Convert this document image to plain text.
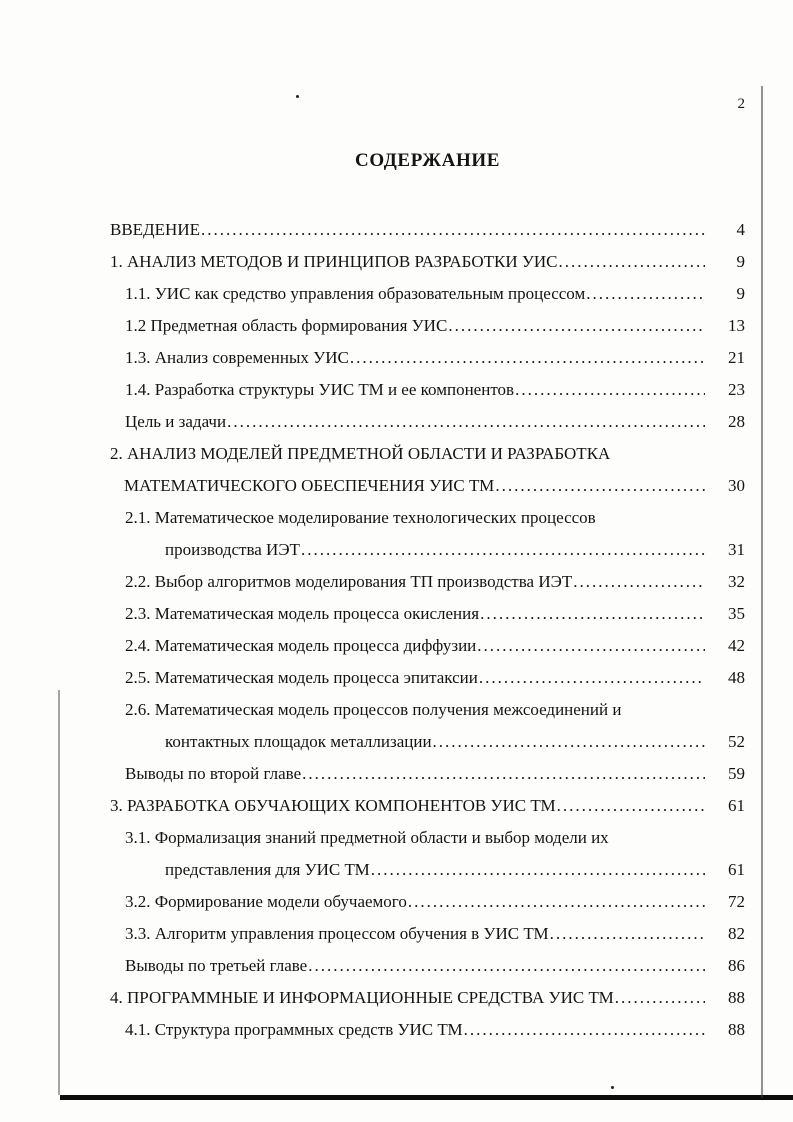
2
СОДЕРЖАНИЕ
ВВЕДЕНИЕ .....	4
1. АНАЛИЗ МЕТОДОВ И ПРИНЦИПОВ РАЗРАБОТКИ УИС .....	9
1.1. УИС как средство управления образовательным процессом .....	9
1.2 Предметная область формирования УИС .....	13
1.3. Анализ современных УИС .....	21
1.4. Разработка структуры УИС ТМ и ее компонентов .....	23
Цель и задачи .....	28
2. АНАЛИЗ МОДЕЛЕЙ ПРЕДМЕТНОЙ ОБЛАСТИ И РАЗРАБОТКА
МАТЕМАТИЧЕСКОГО ОБЕСПЕЧЕНИЯ УИС ТМ .....	30
2.1. Математическое моделирование технологических процессов
производства ИЭТ .....	31
2.2. Выбор алгоритмов моделирования ТП производства ИЭТ .....	32
2.3. Математическая модель процесса окисления .....	35
2.4. Математическая модель процесса диффузии .....	42
2.5. Математическая модель процесса эпитаксии .....	48
2.6. Математическая модель процессов получения межсоединений и
контактных площадок металлизации .....	52
Выводы по второй главе .....	59
3. РАЗРАБОТКА ОБУЧАЮЩИХ КОМПОНЕНТОВ УИС ТМ .....	61
3.1. Формализация знаний предметной области и выбор модели их
представления для УИС ТМ .....	61
3.2. Формирование модели обучаемого .....	72
3.3. Алгоритм управления процессом обучения в УИС ТМ .....	82
Выводы по третьей главе .....	86
4. ПРОГРАММНЫЕ И ИНФОРМАЦИОННЫЕ СРЕДСТВА УИС ТМ .....	88
4.1. Структура программных средств УИС ТМ .....	88
